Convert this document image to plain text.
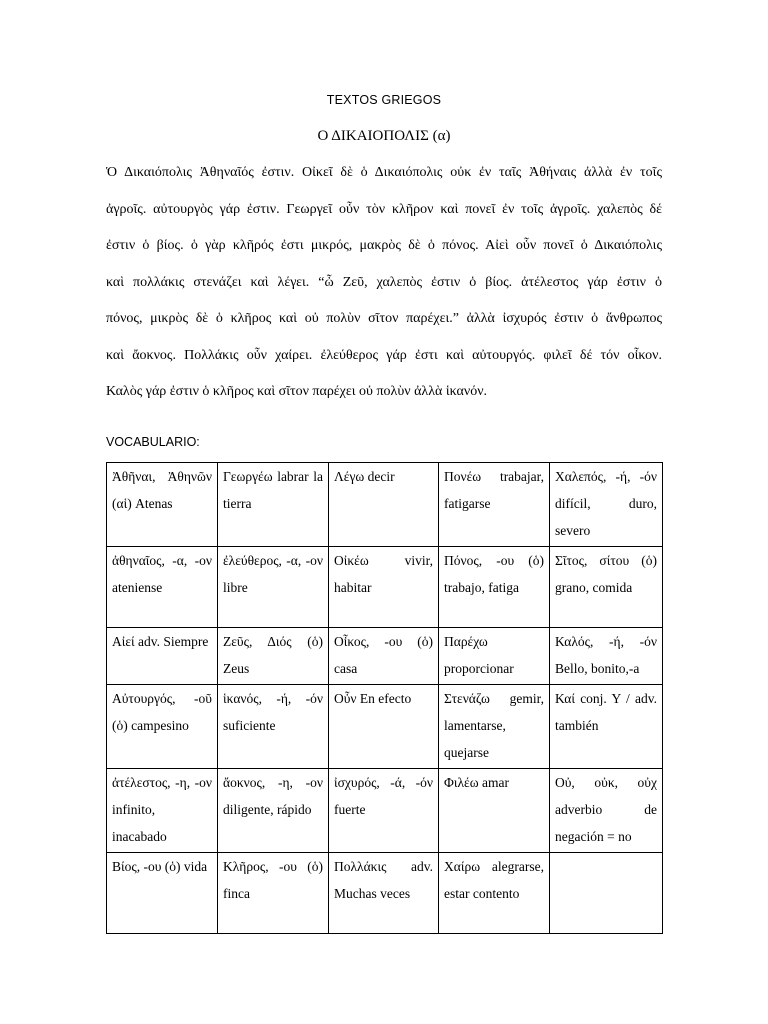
TEXTOS GRIEGOS
Ο ΔΙΚΑΙΟΠΟΛΙΣ (α)
Ὁ Δικαιόπολις Ἀθηναῖός ἐστιν. Οἰκεῖ δὲ ὁ Δικαιόπολις οὐκ ἐν ταῖς Ἀθήναις ἀλλὰ ἐν τοῖς
ἀγροῖς. αὐτουργὸς γάρ ἐστιν. Γεωργεῖ οὖν τὸν κλῆρον καὶ πονεῖ ἐν τοῖς ἀγροῖς. χαλεπὸς δέ
ἐστιν ὁ βίος. ὁ γὰρ κλῆρός ἐστι μικρός, μακρὸς δὲ ὁ πόνος. Αἰεὶ οὖν πονεῖ ὁ Δικαιόπολις
καὶ πολλάκις στενάζει καὶ λέγει. “ὦ Ζεῦ, χαλεπὸς ἐστιν ὁ βίος. ἀτέλεστος γάρ ἐστιν ὁ
πόνος, μικρὸς δὲ ὁ κλῆρος καὶ οὐ πολὺν σῖτον παρέχει.” ἀλλὰ ἰσχυρός ἐστιν ὁ ἄνθρωπος
καὶ ἄοκνος. Πολλάκις οὖν χαίρει. ἐλεύθερος γάρ ἐστι καὶ αὐτουργός. φιλεῖ δέ τόν οἶκον.
Καλὸς γάρ ἐστιν ὁ κλῆρος καὶ σῖτον παρέχει οὐ πολὺν ἀλλὰ ἱκανόν.
VOCABULARIO:
Ἀθῆναι, Ἀθηνῶν (αἱ) Atenas	Γεωργέω labrar la tierra	Λέγω decir	Πονέω trabajar, fatigarse	Χαλεπός, -ή, -όν difícil, duro, severo
ἀθηναῖος, -α, -ον ateniense	ἐλεύθερος, -α, -ον libre	Οἰκέω vivir, habitar	Πόνος, -ου (ὁ) trabajo, fatiga	Σῖτος, σίτου (ὁ) grano, comida
Αἰεί adv. Siempre	Ζεῦς, Διός (ὁ) Zeus	Οἶκος, -ου (ὁ) casa	Παρέχω proporcionar	Καλός, -ή, -όν Bello, bonito,-a
Αὐτουργός, -οῦ (ὁ) campesino	ἱκανός, -ή, -όν suficiente	Οὖν En efecto	Στενάζω gemir, lamentarse, quejarse	Καί conj. Y / adv. también
ἀτέλεστος, -η, -ον infinito, inacabado	ἄοκνος, -η, -ον diligente, rápido	ἰσχυρός, -ά, -όν fuerte	Φιλέω amar	Οὐ, οὐκ, οὐχ adverbio de negación = no
Βίος, -ου (ὁ) vida	Κλῆρος, -ου (ὁ) finca	Πολλάκις adv. Muchas veces	Χαίρω alegrarse, estar contento	
